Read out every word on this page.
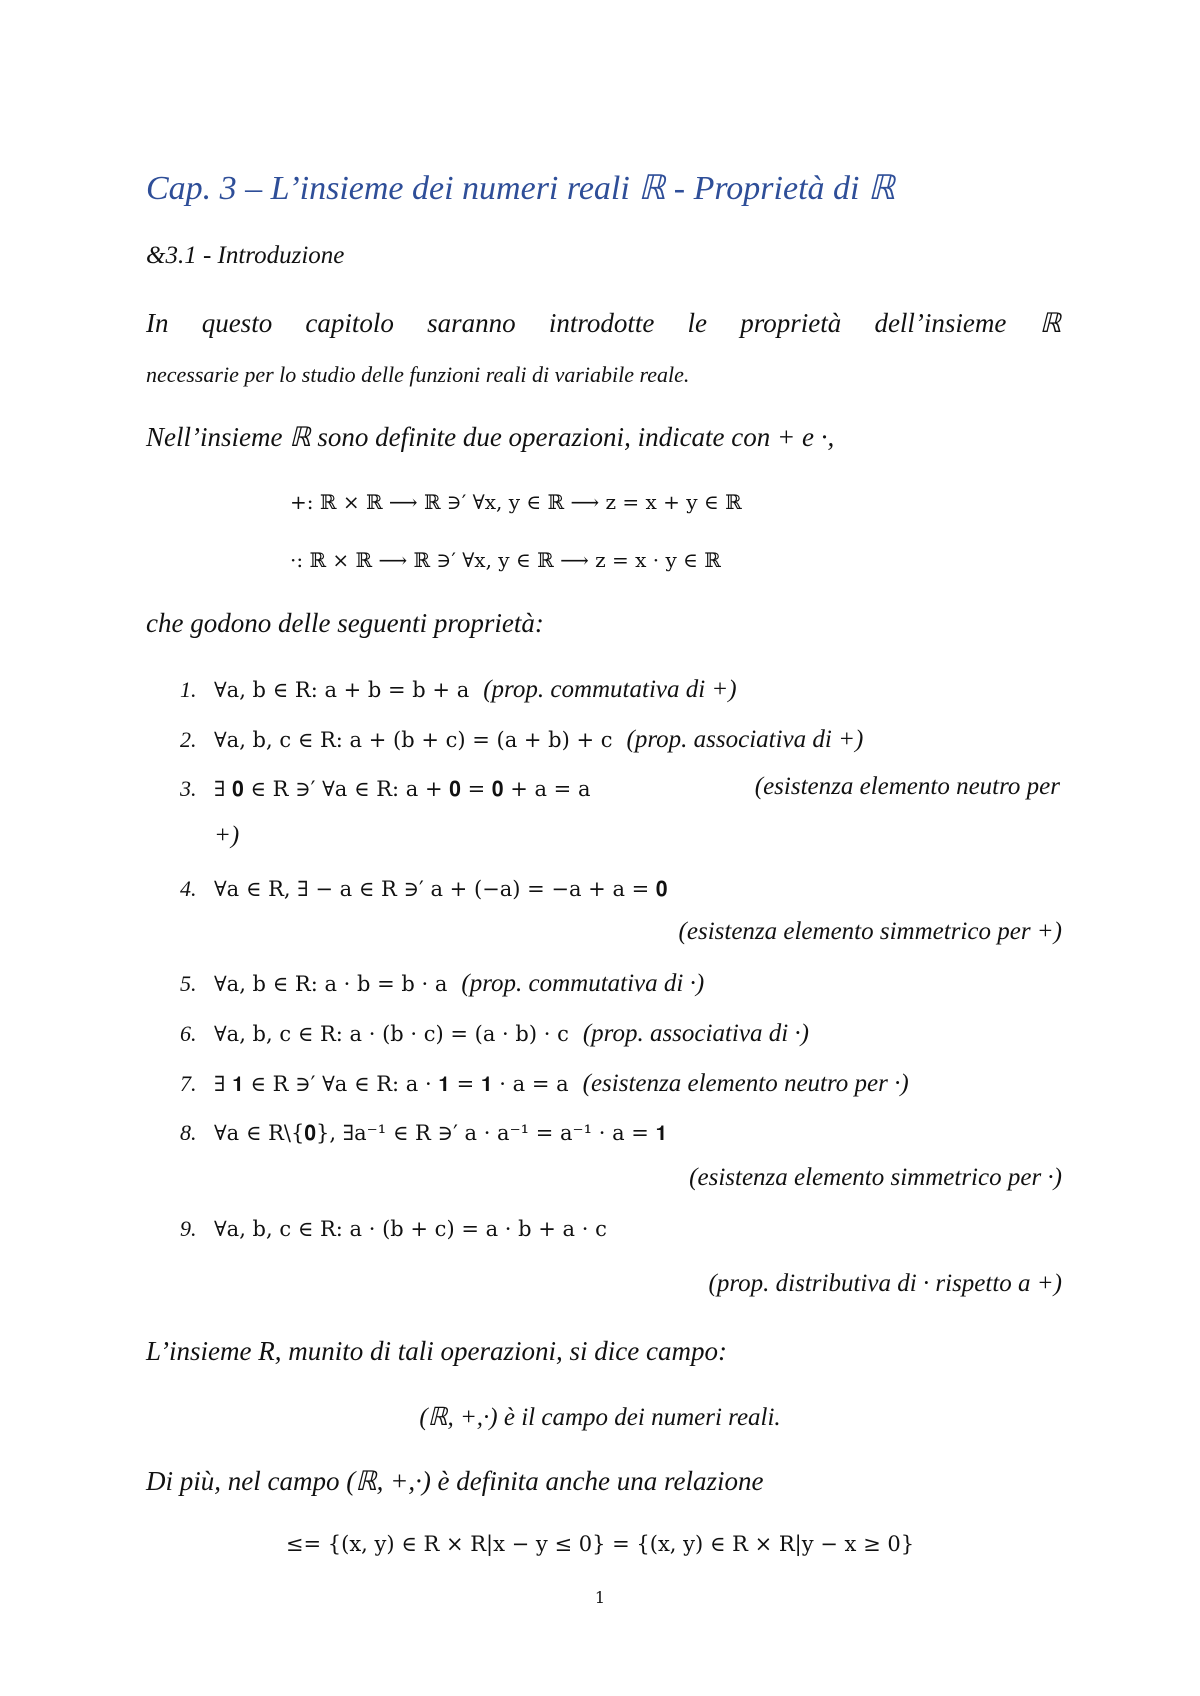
Cap. 3 – L’insieme dei numeri reali ℝ - Proprietà di ℝ
&3.1 - Introduzione
In questo capitolo saranno introdotte le proprietà dell’insieme ℝ
necessarie per lo studio delle funzioni reali di variabile reale.
Nell’insieme ℝ sono definite due operazioni, indicate con + e ·,
+: ℝ × ℝ ⟶ ℝ ∋′ ∀x, y ∈ ℝ ⟶ z = x + y ∈ ℝ
·: ℝ × ℝ ⟶ ℝ ∋′ ∀x, y ∈ ℝ ⟶ z = x · y ∈ ℝ
che godono delle seguenti proprietà:
1. ∀a, b ∈ R: a + b = b + a (prop. commutativa di +)
2. ∀a, b, c ∈ R: a + (b + c) = (a + b) + c (prop. associativa di +)
3. ∃ 𝟎 ∈ R ∋′ ∀a ∈ R: a + 𝟎 = 𝟎 + a = a	(esistenza elemento neutro per
+)
4. ∀a ∈ R, ∃ − a ∈ R ∋′ a + (−a) = −a + a = 𝟎
(esistenza elemento simmetrico per +)
5. ∀a, b ∈ R: a · b = b · a (prop. commutativa di ·)
6. ∀a, b, c ∈ R: a · (b · c) = (a · b) · c (prop. associativa di ·)
7. ∃ 𝟏 ∈ R ∋′ ∀a ∈ R: a · 𝟏 = 𝟏 · a = a (esistenza elemento neutro per ·)
8. ∀a ∈ R\{𝟎}, ∃a⁻¹ ∈ R ∋′ a · a⁻¹ = a⁻¹ · a = 𝟏
(esistenza elemento simmetrico per ·)
9. ∀a, b, c ∈ R: a · (b + c) = a · b + a · c
(prop. distributiva di · rispetto a +)
L’insieme R, munito di tali operazioni, si dice campo:
(ℝ, +,·) è il campo dei numeri reali.
Di più, nel campo (ℝ, +,·) è definita anche una relazione
≤= {(x, y) ∈ R × R|x − y ≤ 0} = {(x, y) ∈ R × R|y − x ≥ 0}
1
